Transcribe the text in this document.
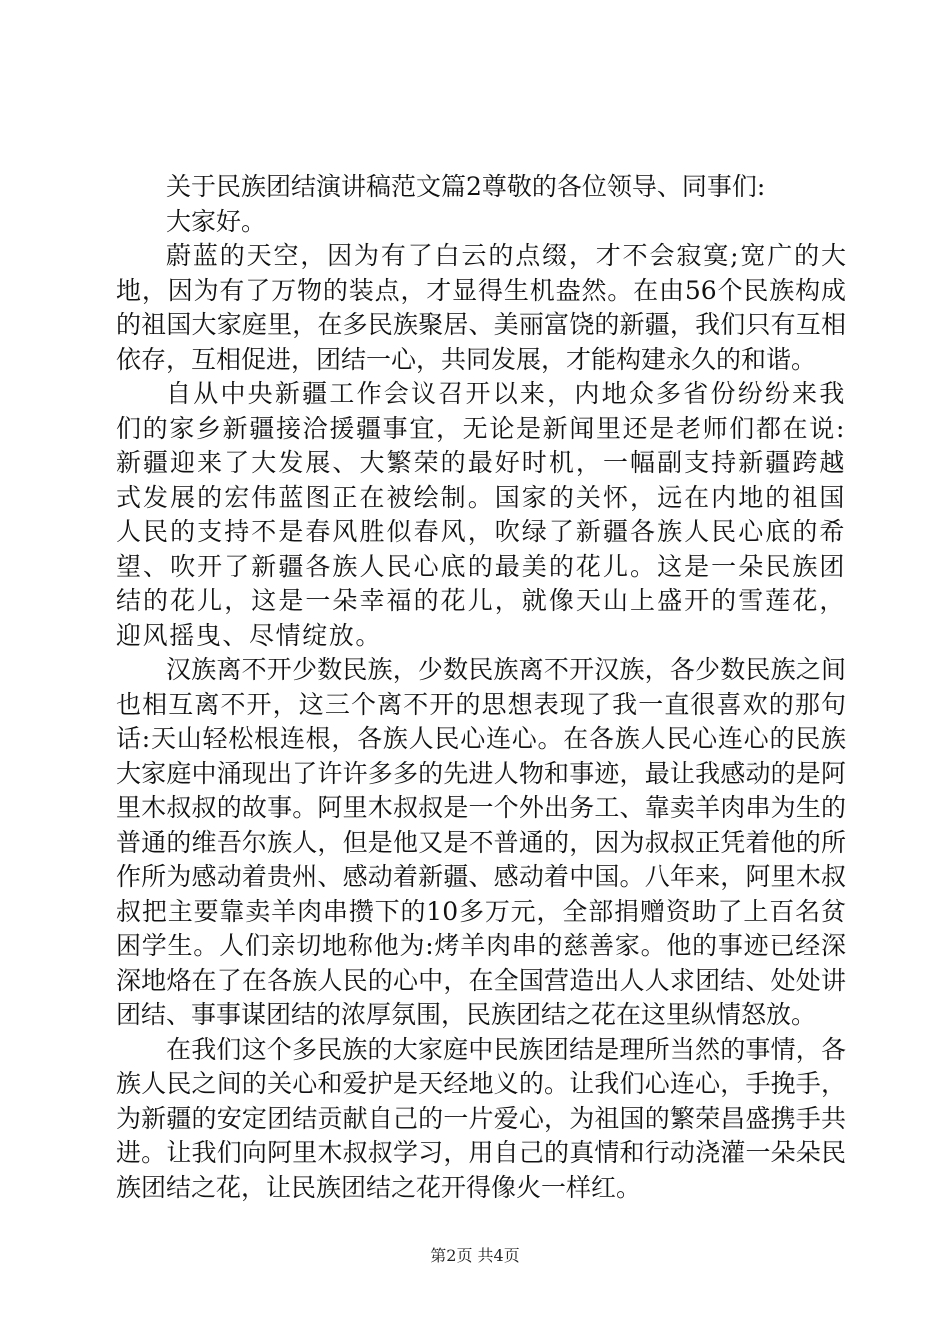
关于民族团结演讲稿范文篇2尊敬的各位领导、同事们:

大家好。

蔚蓝的天空，因为有了白云的点缀，才不会寂寞;宽广的大地，因为有了万物的装点，才显得生机盎然。在由56个民族构成的祖国大家庭里，在多民族聚居、美丽富饶的新疆，我们只有互相依存，互相促进，团结一心，共同发展，才能构建永久的和谐。

自从中央新疆工作会议召开以来，内地众多省份纷纷来我们的家乡新疆接洽援疆事宜，无论是新闻里还是老师们都在说:新疆迎来了大发展、大繁荣的最好时机，一幅副支持新疆跨越式发展的宏伟蓝图正在被绘制。国家的关怀，远在内地的祖国人民的支持不是春风胜似春风，吹绿了新疆各族人民心底的希望、吹开了新疆各族人民心底的最美的花儿。这是一朵民族团结的花儿，这是一朵幸福的花儿，就像天山上盛开的雪莲花，迎风摇曳、尽情绽放。

汉族离不开少数民族，少数民族离不开汉族，各少数民族之间也相互离不开，这三个离不开的思想表现了我一直很喜欢的那句话:天山轻松根连根，各族人民心连心。在各族人民心连心的民族大家庭中涌现出了许许多多的先进人物和事迹，最让我感动的是阿里木叔叔的故事。阿里木叔叔是一个外出务工、靠卖羊肉串为生的普通的维吾尔族人，但是他又是不普通的，因为叔叔正凭着他的所作所为感动着贵州、感动着新疆、感动着中国。八年来，阿里木叔叔把主要靠卖羊肉串攒下的10多万元，全部捐赠资助了上百名贫困学生。人们亲切地称他为:烤羊肉串的慈善家。他的事迹已经深深地烙在了在各族人民的心中，在全国营造出人人求团结、处处讲团结、事事谋团结的浓厚氛围，民族团结之花在这里纵情怒放。

在我们这个多民族的大家庭中民族团结是理所当然的事情，各族人民之间的关心和爱护是天经地义的。让我们心连心，手挽手，为新疆的安定团结贡献自己的一片爱心，为祖国的繁荣昌盛携手共进。让我们向阿里木叔叔学习，用自己的真情和行动浇灌一朵朵民族团结之花，让民族团结之花开得像火一样红。

第2页 共4页
